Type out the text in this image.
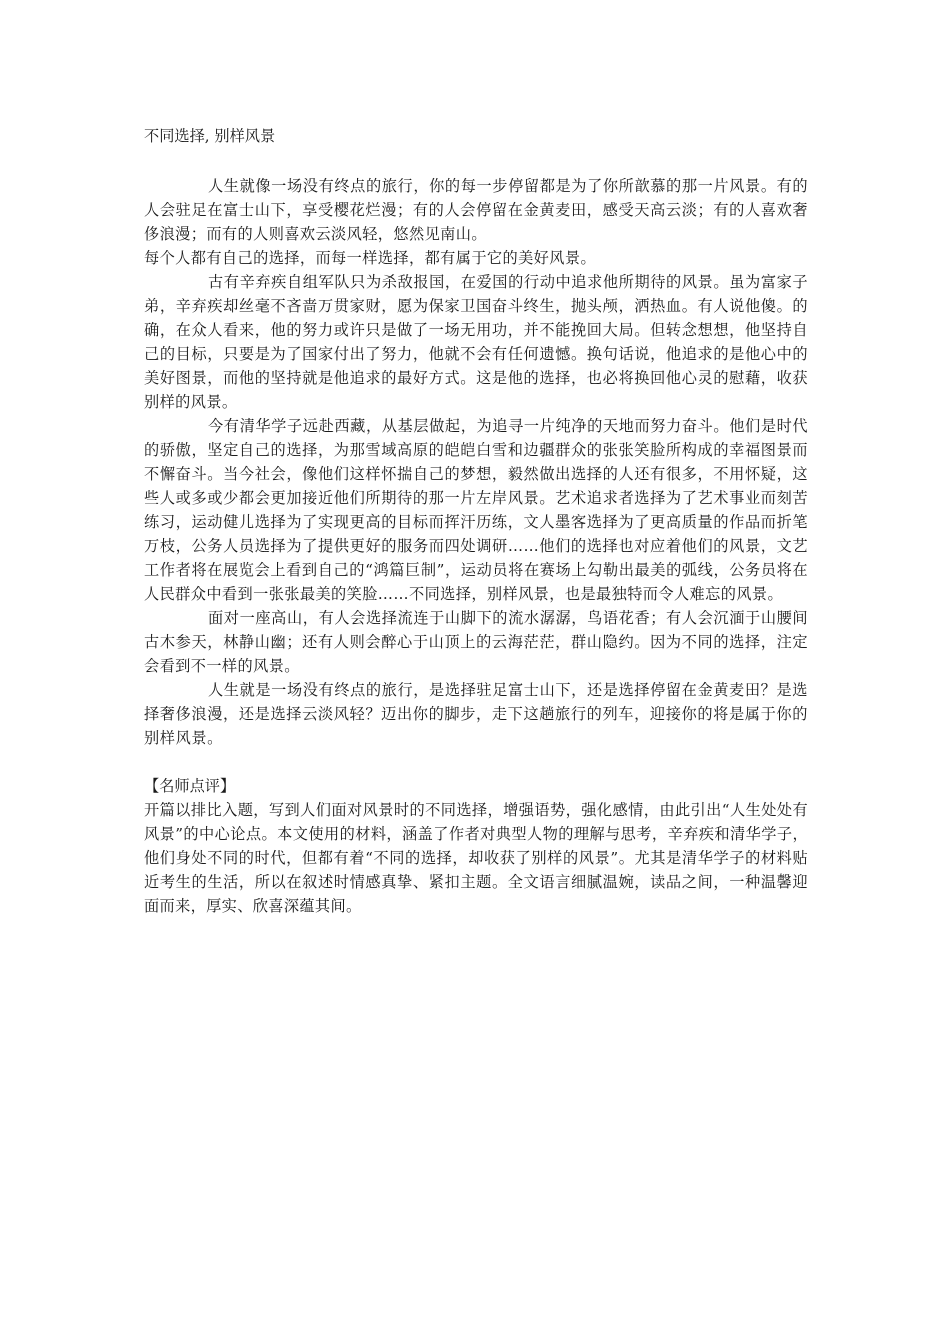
不同选择, 别样风景

人生就像一场没有终点的旅行，你的每一步停留都是为了你所歆慕的那一片风景。有的人会驻足在富士山下，享受樱花烂漫；有的人会停留在金黄麦田，感受天高云淡；有的人喜欢奢侈浪漫；而有的人则喜欢云淡风轻，悠然见南山。

每个人都有自己的选择，而每一样选择，都有属于它的美好风景。

古有辛弃疾自组军队只为杀敌报国，在爱国的行动中追求他所期待的风景。虽为富家子弟，辛弃疾却丝毫不吝啬万贯家财，愿为保家卫国奋斗终生，抛头颅，洒热血。有人说他傻。的确，在众人看来，他的努力或许只是做了一场无用功，并不能挽回大局。但转念想想，他坚持自己的目标，只要是为了国家付出了努力，他就不会有任何遗憾。换句话说，他追求的是他心中的美好图景，而他的坚持就是他追求的最好方式。这是他的选择，也必将换回他心灵的慰藉，收获别样的风景。

今有清华学子远赴西藏，从基层做起，为追寻一片纯净的天地而努力奋斗。他们是时代的骄傲，坚定自己的选择，为那雪域高原的皑皑白雪和边疆群众的张张笑脸所构成的幸福图景而不懈奋斗。当今社会，像他们这样怀揣自己的梦想，毅然做出选择的人还有很多，不用怀疑，这些人或多或少都会更加接近他们所期待的那一片左岸风景。艺术追求者选择为了艺术事业而刻苦练习，运动健儿选择为了实现更高的目标而挥汗历练，文人墨客选择为了更高质量的作品而折笔万枝，公务人员选择为了提供更好的服务而四处调研……他们的选择也对应着他们的风景，文艺工作者将在展览会上看到自己的“鸿篇巨制”，运动员将在赛场上勾勒出最美的弧线，公务员将在人民群众中看到一张张最美的笑脸……不同选择，别样风景，也是最独特而令人难忘的风景。

面对一座高山，有人会选择流连于山脚下的流水潺潺，鸟语花香；有人会沉湎于山腰间古木参天，林静山幽；还有人则会醉心于山顶上的云海茫茫，群山隐约。因为不同的选择，注定会看到不一样的风景。

人生就是一场没有终点的旅行，是选择驻足富士山下，还是选择停留在金黄麦田？是选择奢侈浪漫，还是选择云淡风轻？迈出你的脚步，走下这趟旅行的列车，迎接你的将是属于你的别样风景。

【名师点评】

开篇以排比入题，写到人们面对风景时的不同选择，增强语势，强化感情，由此引出“人生处处有风景”的中心论点。本文使用的材料，涵盖了作者对典型人物的理解与思考，辛弃疾和清华学子，他们身处不同的时代，但都有着“不同的选择，却收获了别样的风景”。尤其是清华学子的材料贴近考生的生活，所以在叙述时情感真挚、紧扣主题。全文语言细腻温婉，读品之间，一种温馨迎面而来，厚实、欣喜深蕴其间。
